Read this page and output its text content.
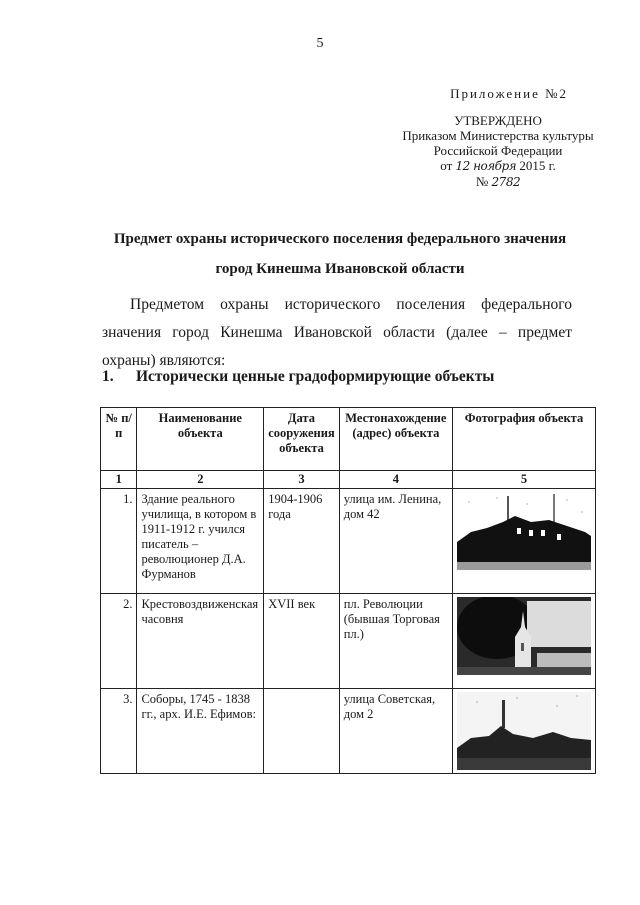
5
Приложение №2
УТВЕРЖДЕНО
Приказом Министерства культуры
Российской Федерации
от 12 ноября 2015 г.
№ 2782
Предмет охраны исторического поселения федерального значения
город Кинешма Ивановской области
Предметом охраны исторического поселения федерального значения город Кинешма Ивановской области (далее – предмет охраны) являются:
1. Исторически ценные градоформирующие объекты
№ п/п	Наименование объекта	Дата сооружения объекта	Местонахождение (адрес) объекта	Фотография объекта
1	2	3	4	5
1.	Здание реального училища, в котором в 1911-1912 г. учился писатель – революционер Д.А. Фурманов	1904-1906 года	улица им. Ленина, дом 42	

2.	Крестовоздвиженская часовня	XVII век	пл. Революции (бывшая Торговая пл.)	

3.	Соборы, 1745 - 1838 гг., арх. И.Е. Ефимов:		улица Советская, дом 2	
